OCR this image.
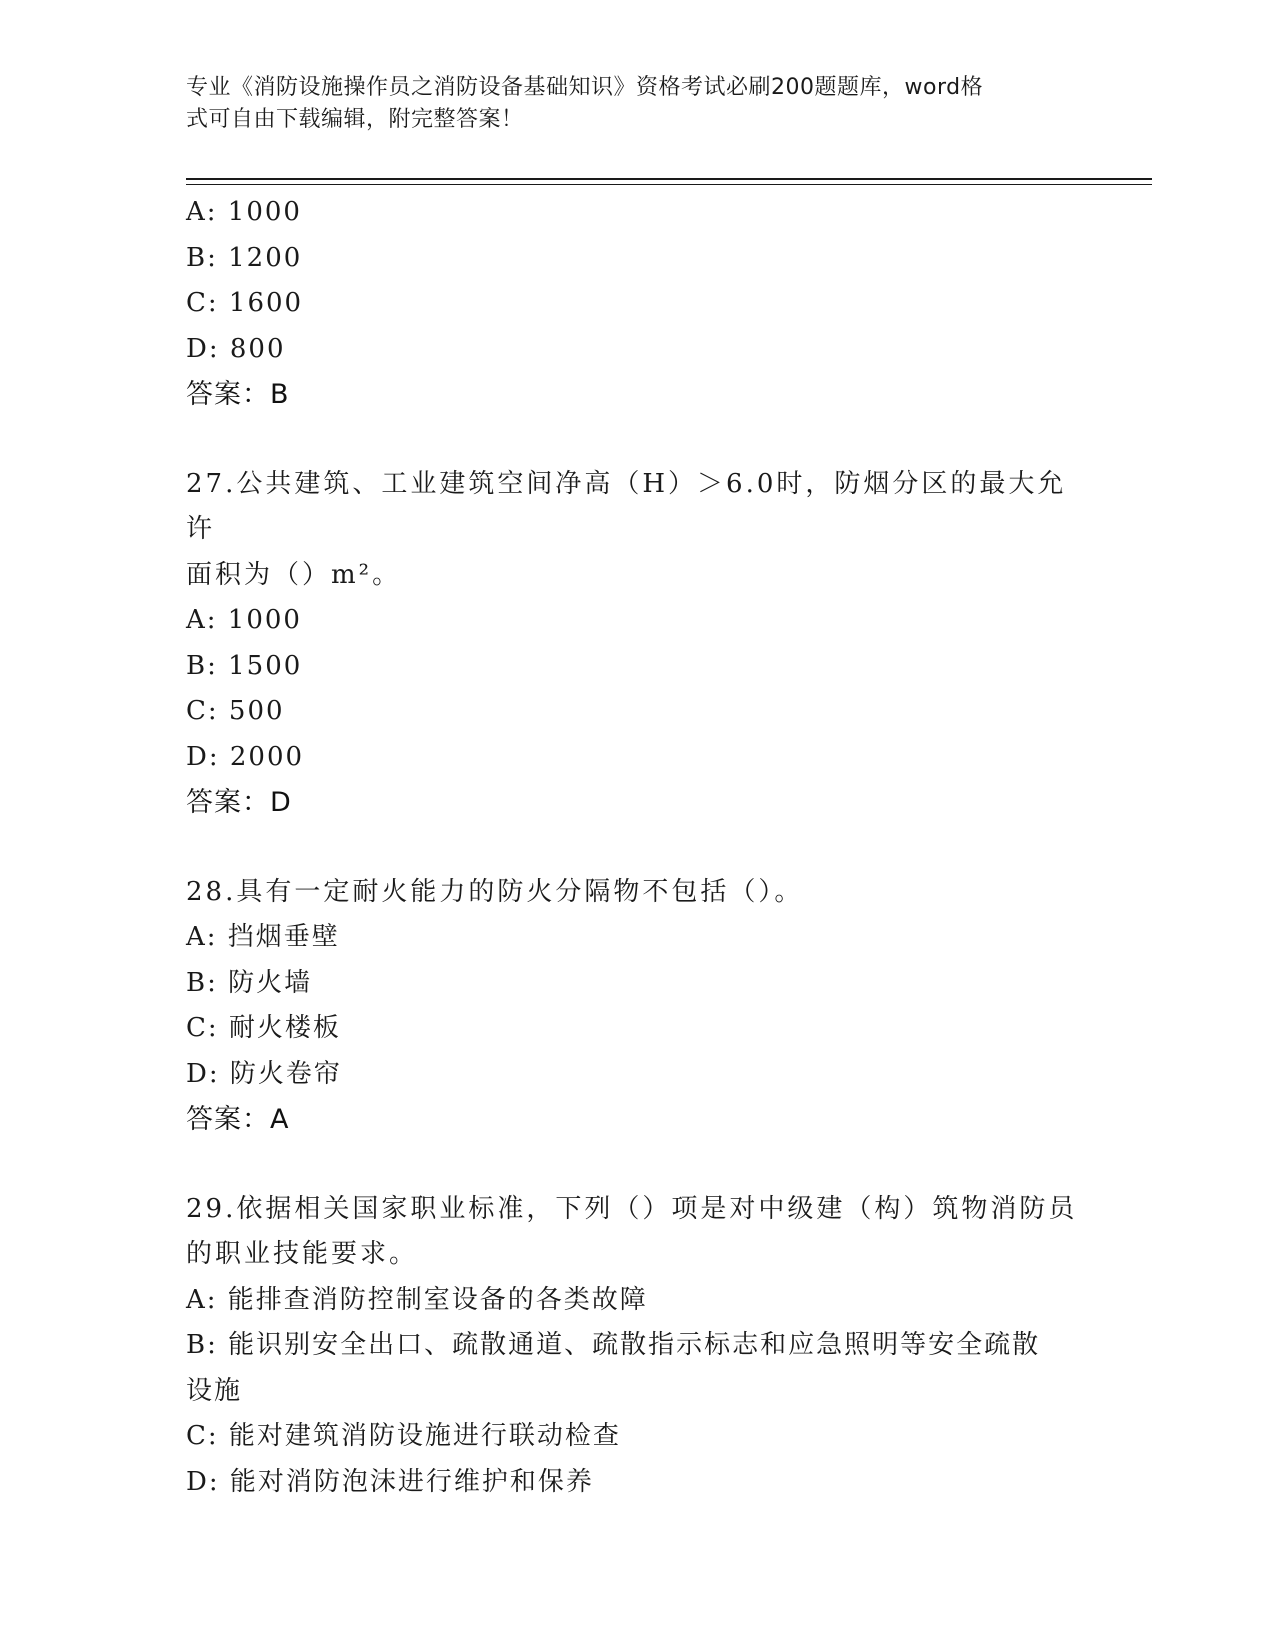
专业《消防设施操作员之消防设备基础知识》资格考试必刷200题题库，word格
式可自由下载编辑，附完整答案！
A: 1000
B: 1200
C: 1600
D: 800
答案：B
27.公共建筑、工业建筑空间净高（H）＞6.0时，防烟分区的最大允许
面积为（）m²。
A: 1000
B: 1500
C: 500
D: 2000
答案：D
28.具有一定耐火能力的防火分隔物不包括（）。
A: 挡烟垂壁
B: 防火墙
C: 耐火楼板
D: 防火卷帘
答案：A
29.依据相关国家职业标准，下列（）项是对中级建（构）筑物消防员
的职业技能要求。
A: 能排查消防控制室设备的各类故障
B: 能识别安全出口、疏散通道、疏散指示标志和应急照明等安全疏散
设施
C: 能对建筑消防设施进行联动检查
D: 能对消防泡沫进行维护和保养
